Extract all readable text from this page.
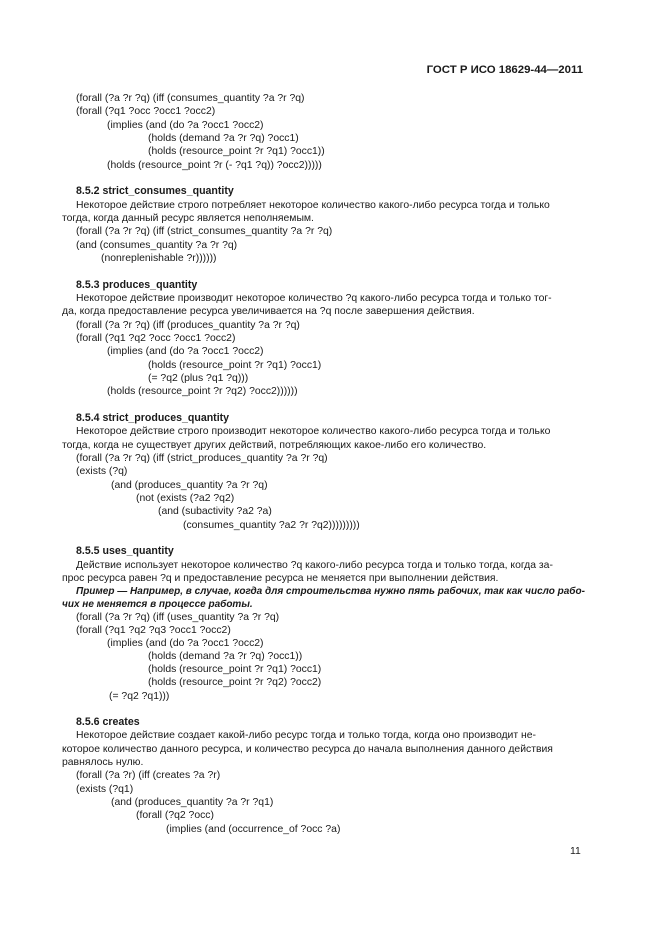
ГОСТ Р ИСО 18629-44—2011
(forall (?a ?r ?q) (iff (consumes_quantity ?a ?r ?q)
(forall (?q1 ?occ ?occ1 ?occ2)
(implies (and (do ?a ?occ1 ?occ2)
(holds (demand ?a ?r ?q) ?occ1)
(holds (resource_point ?r ?q1) ?occ1))
(holds (resource_point ?r (- ?q1 ?q)) ?occ2)))))
8.5.2 strict_consumes_quantity
Некоторое действие строго потребляет некоторое количество какого-либо ресурса тогда и только
тогда, когда данный ресурс является неполняемым.
(forall (?a ?r ?q) (iff (strict_consumes_quantity ?a ?r ?q)
(and (consumes_quantity ?a ?r ?q)
(nonreplenishable ?r))))))
8.5.3 produces_quantity
Некоторое действие производит некоторое количество ?q какого-либо ресурса тогда и только тог-
да, когда предоставление ресурса увеличивается на ?q после завершения действия.
(forall (?a ?r ?q) (iff (produces_quantity ?a ?r ?q)
(forall (?q1 ?q2 ?occ ?occ1 ?occ2)
(implies (and (do ?a ?occ1 ?occ2)
(holds (resource_point ?r ?q1) ?occ1)
(= ?q2 (plus ?q1 ?q)))
(holds (resource_point ?r ?q2) ?occ2))))))
8.5.4 strict_produces_quantity
Некоторое действие строго производит некоторое количество какого-либо ресурса тогда и только
тогда, когда не существует других действий, потребляющих какое-либо его количество.
(forall (?a ?r ?q) (iff (strict_produces_quantity ?a ?r ?q)
(exists (?q)
(and (produces_quantity ?a ?r ?q)
(not (exists (?a2 ?q2)
(and (subactivity ?a2 ?a)
(consumes_quantity ?a2 ?r ?q2)))))))))
8.5.5 uses_quantity
Действие использует некоторое количество ?q какого-либо ресурса тогда и только тогда, когда за-
прос ресурса равен ?q и предоставление ресурса не меняется при выполнении действия.
Пример — Например, в случае, когда для строительства нужно пять рабочих, так как число рабо-
чих не меняется в процессе работы.
(forall (?a ?r ?q) (iff (uses_quantity ?a ?r ?q)
(forall (?q1 ?q2 ?q3 ?occ1 ?occ2)
(implies (and (do ?a ?occ1 ?occ2)
(holds (demand ?a ?r ?q) ?occ1))
(holds (resource_point ?r ?q1) ?occ1)
(holds (resource_point ?r ?q2) ?occ2)
(= ?q2 ?q1)))
8.5.6 creates
Некоторое действие создает какой-либо ресурс тогда и только тогда, когда оно производит не-
которое количество данного ресурса, и количество ресурса до начала выполнения данного действия
равнялось нулю.
(forall (?a ?r) (iff (creates ?a ?r)
(exists (?q1)
(and (produces_quantity ?a ?r ?q1)
(forall (?q2 ?occ)
(implies (and (occurrence_of ?occ ?a)
11
